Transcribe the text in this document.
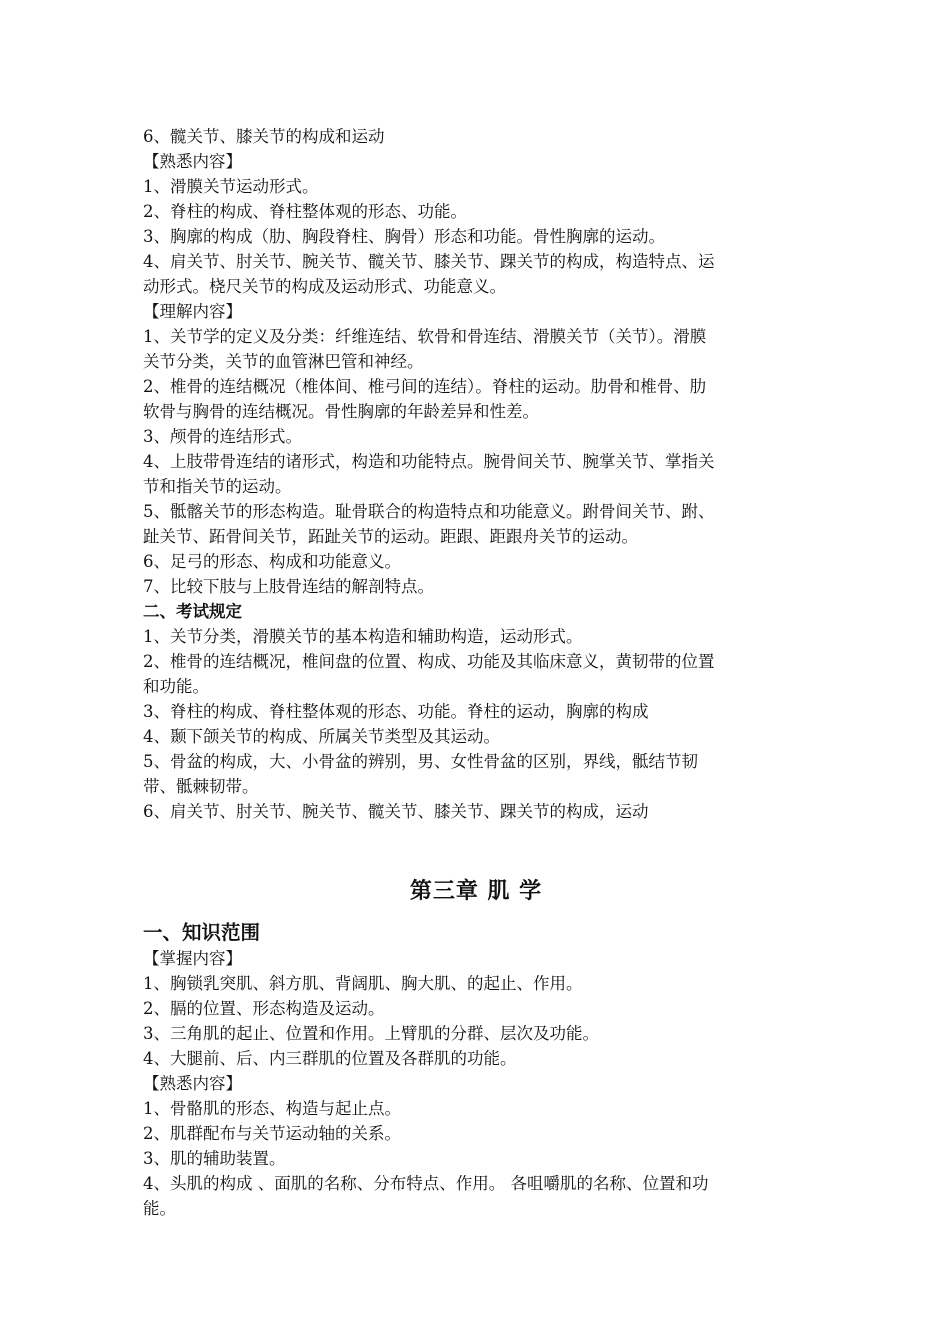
6、髋关节、膝关节的构成和运动
【熟悉内容】
1、滑膜关节运动形式。
2、脊柱的构成、脊柱整体观的形态、功能。
3、胸廓的构成（肋、胸段脊柱、胸骨）形态和功能。骨性胸廓的运动。
4、肩关节、肘关节、腕关节、髋关节、膝关节、踝关节的构成，构造特点、运
动形式。桡尺关节的构成及运动形式、功能意义。
【理解内容】
1、关节学的定义及分类：纤维连结、软骨和骨连结、滑膜关节（关节）。滑膜
关节分类，关节的血管淋巴管和神经。
2、椎骨的连结概况（椎体间、椎弓间的连结）。脊柱的运动。肋骨和椎骨、肋
软骨与胸骨的连结概况。骨性胸廓的年龄差异和性差。
3、颅骨的连结形式。
4、上肢带骨连结的诸形式，构造和功能特点。腕骨间关节、腕掌关节、掌指关
节和指关节的运动。
5、骶髂关节的形态构造。耻骨联合的构造特点和功能意义。跗骨间关节、跗、
趾关节、跖骨间关节，跖趾关节的运动。距跟、距跟舟关节的运动。
6、足弓的形态、构成和功能意义。
7、比较下肢与上肢骨连结的解剖特点。
二、考试规定
1、关节分类，滑膜关节的基本构造和辅助构造，运动形式。
2、椎骨的连结概况，椎间盘的位置、构成、功能及其临床意义，黄韧带的位置
和功能。
3、脊柱的构成、脊柱整体观的形态、功能。脊柱的运动，胸廓的构成
4、颞下颌关节的构成、所属关节类型及其运动。
5、骨盆的构成，大、小骨盆的辨别，男、女性骨盆的区别，界线，骶结节韧
带、骶棘韧带。
6、肩关节、肘关节、腕关节、髋关节、膝关节、踝关节的构成，运动
第三章 肌 学
一、知识范围
【掌握内容】
1、胸锁乳突肌、斜方肌、背阔肌、胸大肌、的起止、作用。
2、膈的位置、形态构造及运动。
3、三角肌的起止、位置和作用。上臂肌的分群、层次及功能。
4、大腿前、后、内三群肌的位置及各群肌的功能。
【熟悉内容】
1、骨骼肌的形态、构造与起止点。
2、肌群配布与关节运动轴的关系。
3、肌的辅助装置。
4、头肌的构成 、面肌的名称、分布特点、作用。 各咀嚼肌的名称、位置和功
能。
